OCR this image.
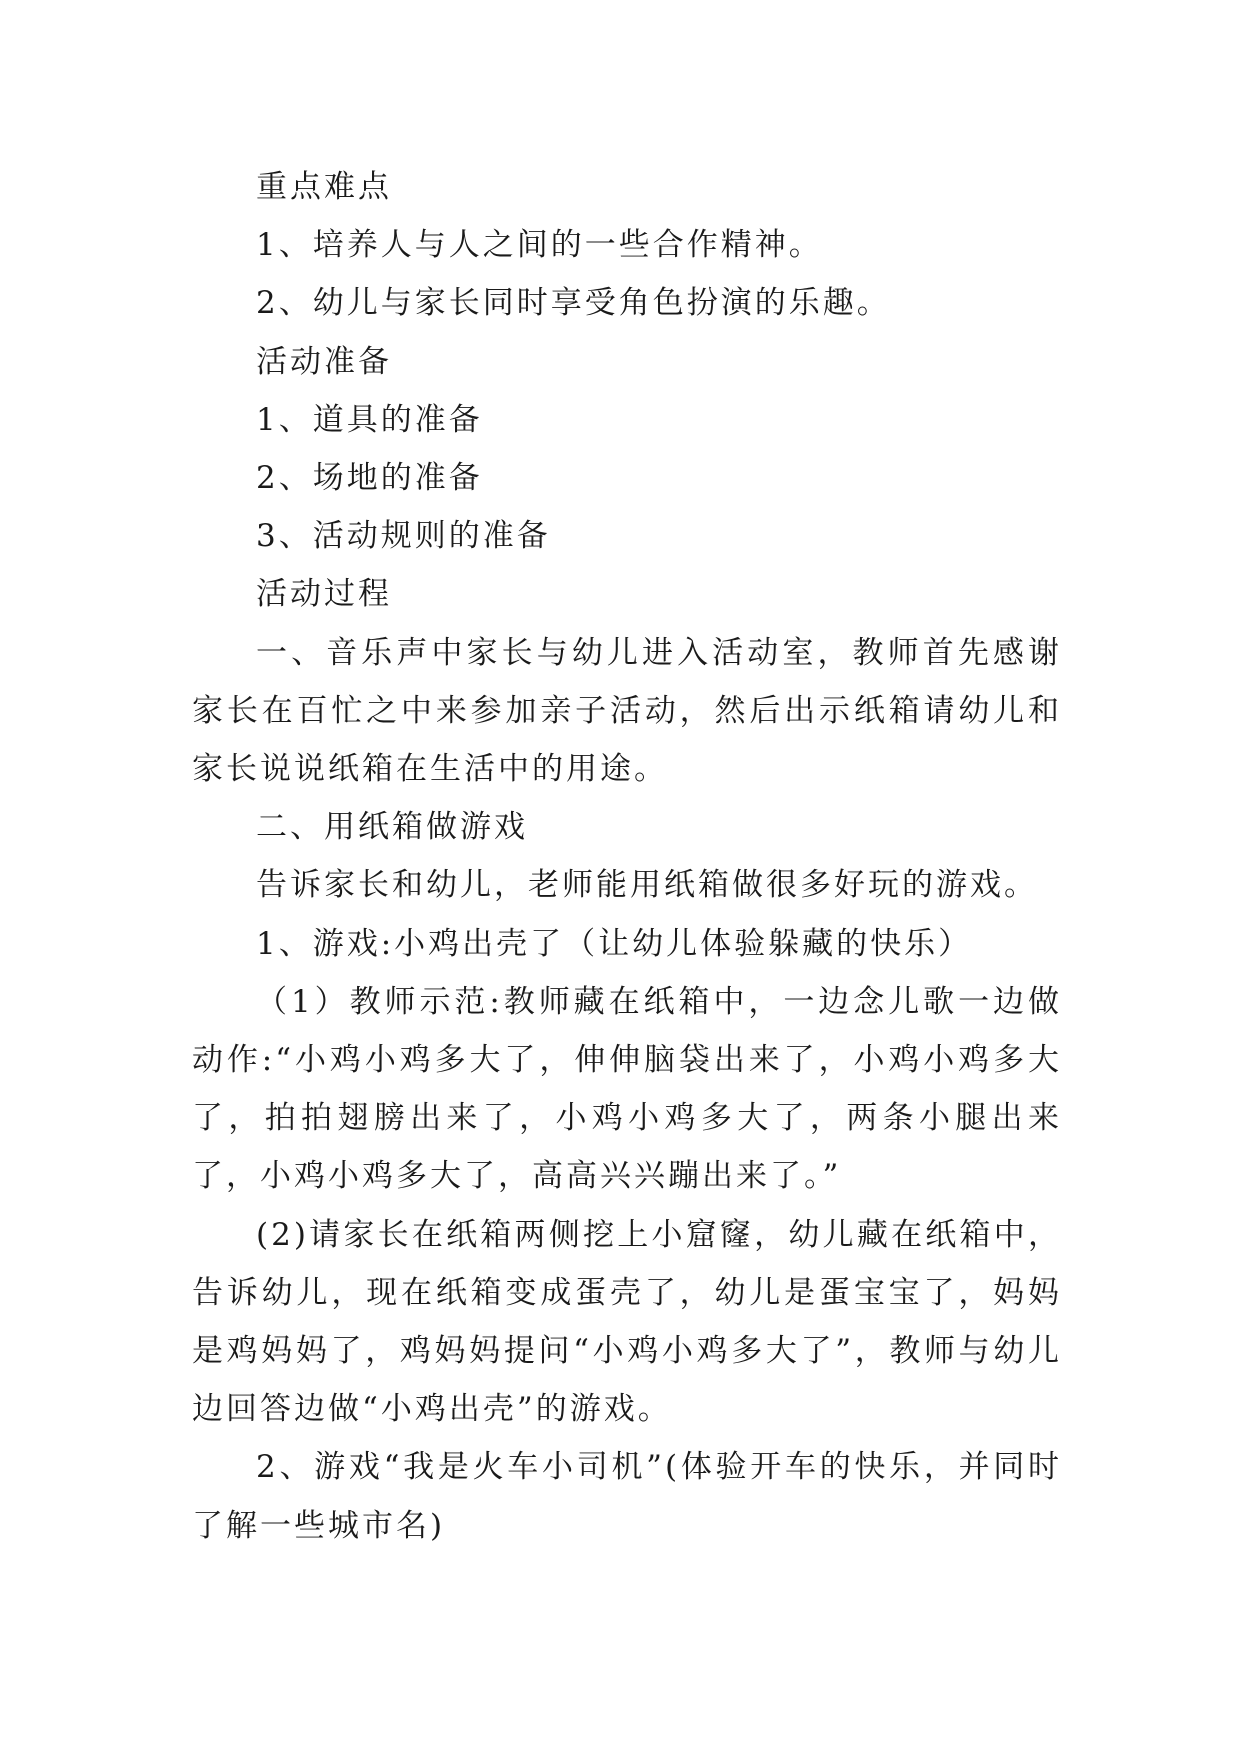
重点难点

1、培养人与人之间的一些合作精神。

2、幼儿与家长同时享受角色扮演的乐趣。

活动准备

1、道具的准备

2、场地的准备

3、活动规则的准备

活动过程

一、音乐声中家长与幼儿进入活动室，教师首先感谢家长在百忙之中来参加亲子活动，然后出示纸箱请幼儿和家长说说纸箱在生活中的用途。

二、用纸箱做游戏

告诉家长和幼儿，老师能用纸箱做很多好玩的游戏。

1、游戏:小鸡出壳了（让幼儿体验躲藏的快乐）

（1）教师示范:教师藏在纸箱中，一边念儿歌一边做动作:“小鸡小鸡多大了，伸伸脑袋出来了，小鸡小鸡多大了，拍拍翅膀出来了，小鸡小鸡多大了，两条小腿出来了，小鸡小鸡多大了，高高兴兴蹦出来了。”

(2)请家长在纸箱两侧挖上小窟窿，幼儿藏在纸箱中，告诉幼儿，现在纸箱变成蛋壳了，幼儿是蛋宝宝了，妈妈是鸡妈妈了，鸡妈妈提问“小鸡小鸡多大了”，教师与幼儿边回答边做“小鸡出壳”的游戏。

2、游戏“我是火车小司机”(体验开车的快乐，并同时了解一些城市名)
